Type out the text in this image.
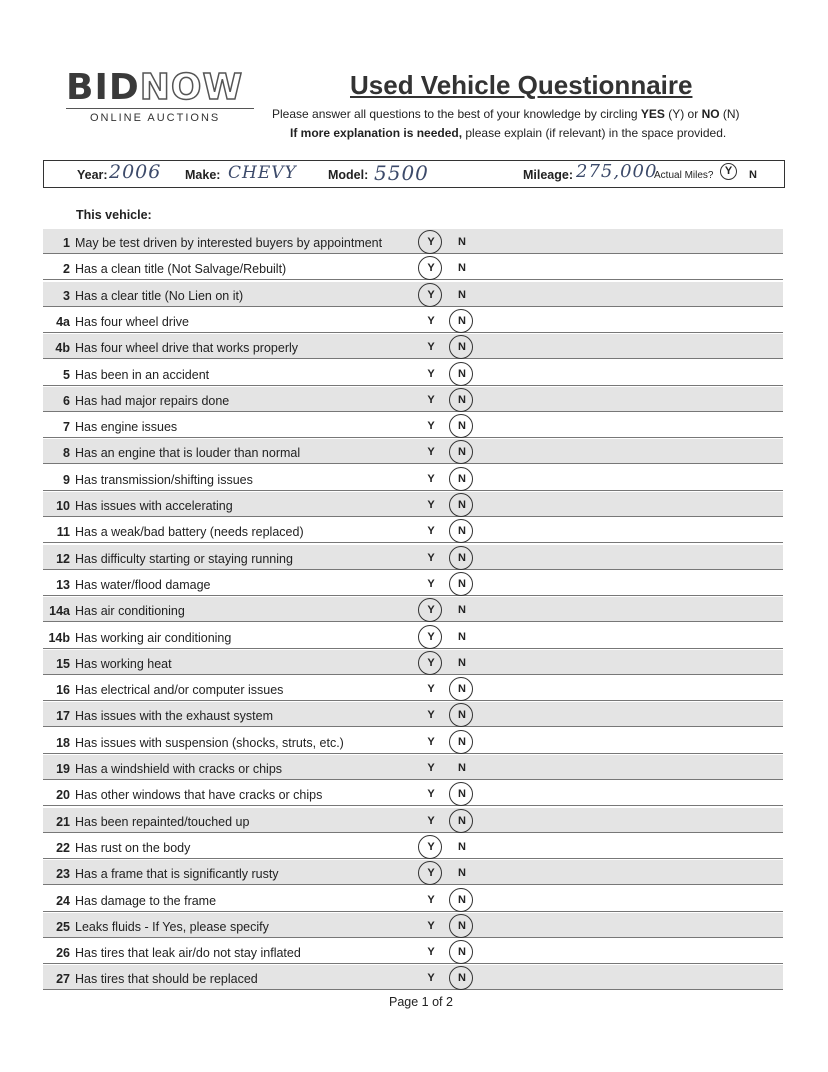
BIDNOW
ONLINE AUCTIONS
Used Vehicle Questionnaire
Please answer all questions to the best of your knowledge by circling YES (Y) or NO (N)
If more explanation is needed, please explain (if relevant) in the space provided.
Year: 2006 Make: CHEVY	Model: 5500	Mileage: 275,000
Actual Miles?	Y	N
This vehicle:
1 May be test driven by interested buyers by appointment	Y	N
2 Has a clean title (Not Salvage/Rebuilt)	Y	N
3 Has a clear title (No Lien on it)	Y	N
4a Has four wheel drive	Y	N
4b Has four wheel drive that works properly	Y	N
5 Has been in an accident	Y	N
6 Has had major repairs done	Y	N
7 Has engine issues	Y	N
8 Has an engine that is louder than normal	Y	N
9 Has transmission/shifting issues	Y	N
10 Has issues with accelerating	Y	N
11 Has a weak/bad battery (needs replaced)	Y	N
12 Has difficulty starting or staying running	Y	N
13 Has water/flood damage	Y	N
14a Has air conditioning	Y	N
14b Has working air conditioning	Y	N
15 Has working heat	Y	N
16 Has electrical and/or computer issues	Y	N
17 Has issues with the exhaust system	Y	N
18 Has issues with suspension (shocks, struts, etc.)	Y	N
19 Has a windshield with cracks or chips	Y	N
20 Has other windows that have cracks or chips	Y	N
21 Has been repainted/touched up	Y	N
22 Has rust on the body	Y	N
23 Has a frame that is significantly rusty	Y	N
24 Has damage to the frame	Y	N
25 Leaks fluids - If Yes, please specify	Y	N
26 Has tires that leak air/do not stay inflated	Y	N
27 Has tires that should be replaced	Y	N
Page 1 of 2
